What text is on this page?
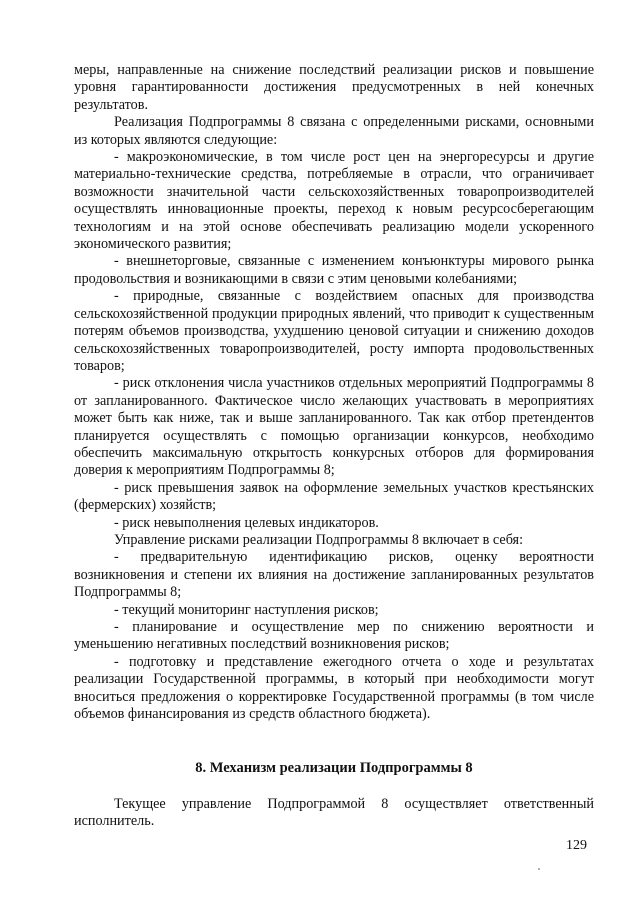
меры, направленные на снижение последствий реализации рисков и повышение уровня гарантированности достижения предусмотренных в ней конечных результатов.

Реализация Подпрограммы 8 связана с определенными рисками, основными из которых являются следующие:

- макроэкономические, в том числе рост цен на энергоресурсы и другие материально-технические средства, потребляемые в отрасли, что ограничивает возможности значительной части сельскохозяйственных товаропроизводителей осуществлять инновационные проекты, переход к новым ресурсосберегающим технологиям и на этой основе обеспечивать реализацию модели ускоренного экономического развития;

- внешнеторговые, связанные с изменением конъюнктуры мирового рынка продовольствия и возникающими в связи с этим ценовыми колебаниями;

- природные, связанные с воздействием опасных для производства сельскохозяйственной продукции природных явлений, что приводит к существенным потерям объемов производства, ухудшению ценовой ситуации и снижению доходов сельскохозяйственных товаропроизводителей, росту импорта продовольственных товаров;

- риск отклонения числа участников отдельных мероприятий Подпрограммы 8 от запланированного. Фактическое число желающих участвовать в мероприятиях может быть как ниже, так и выше запланированного. Так как отбор претендентов планируется осуществлять с помощью организации конкурсов, необходимо обеспечить максимальную открытость конкурсных отборов для формирования доверия к мероприятиям Подпрограммы 8;

- риск превышения заявок на оформление земельных участков крестьянских (фермерских) хозяйств;

- риск невыполнения целевых индикаторов.

Управление рисками реализации Подпрограммы 8 включает в себя:

- предварительную идентификацию рисков, оценку вероятности возникновения и степени их влияния на достижение запланированных результатов Подпрограммы 8;

- текущий мониторинг наступления рисков;

- планирование и осуществление мер по снижению вероятности и уменьшению негативных последствий возникновения рисков;

- подготовку и представление ежегодного отчета о ходе и результатах реализации Государственной программы, в который при необходимости могут вноситься предложения о корректировке Государственной программы (в том числе объемов финансирования из средств областного бюджета).

8. Механизм реализации Подпрограммы 8

Текущее управление Подпрограммой 8 осуществляет ответственный исполнитель.

129
